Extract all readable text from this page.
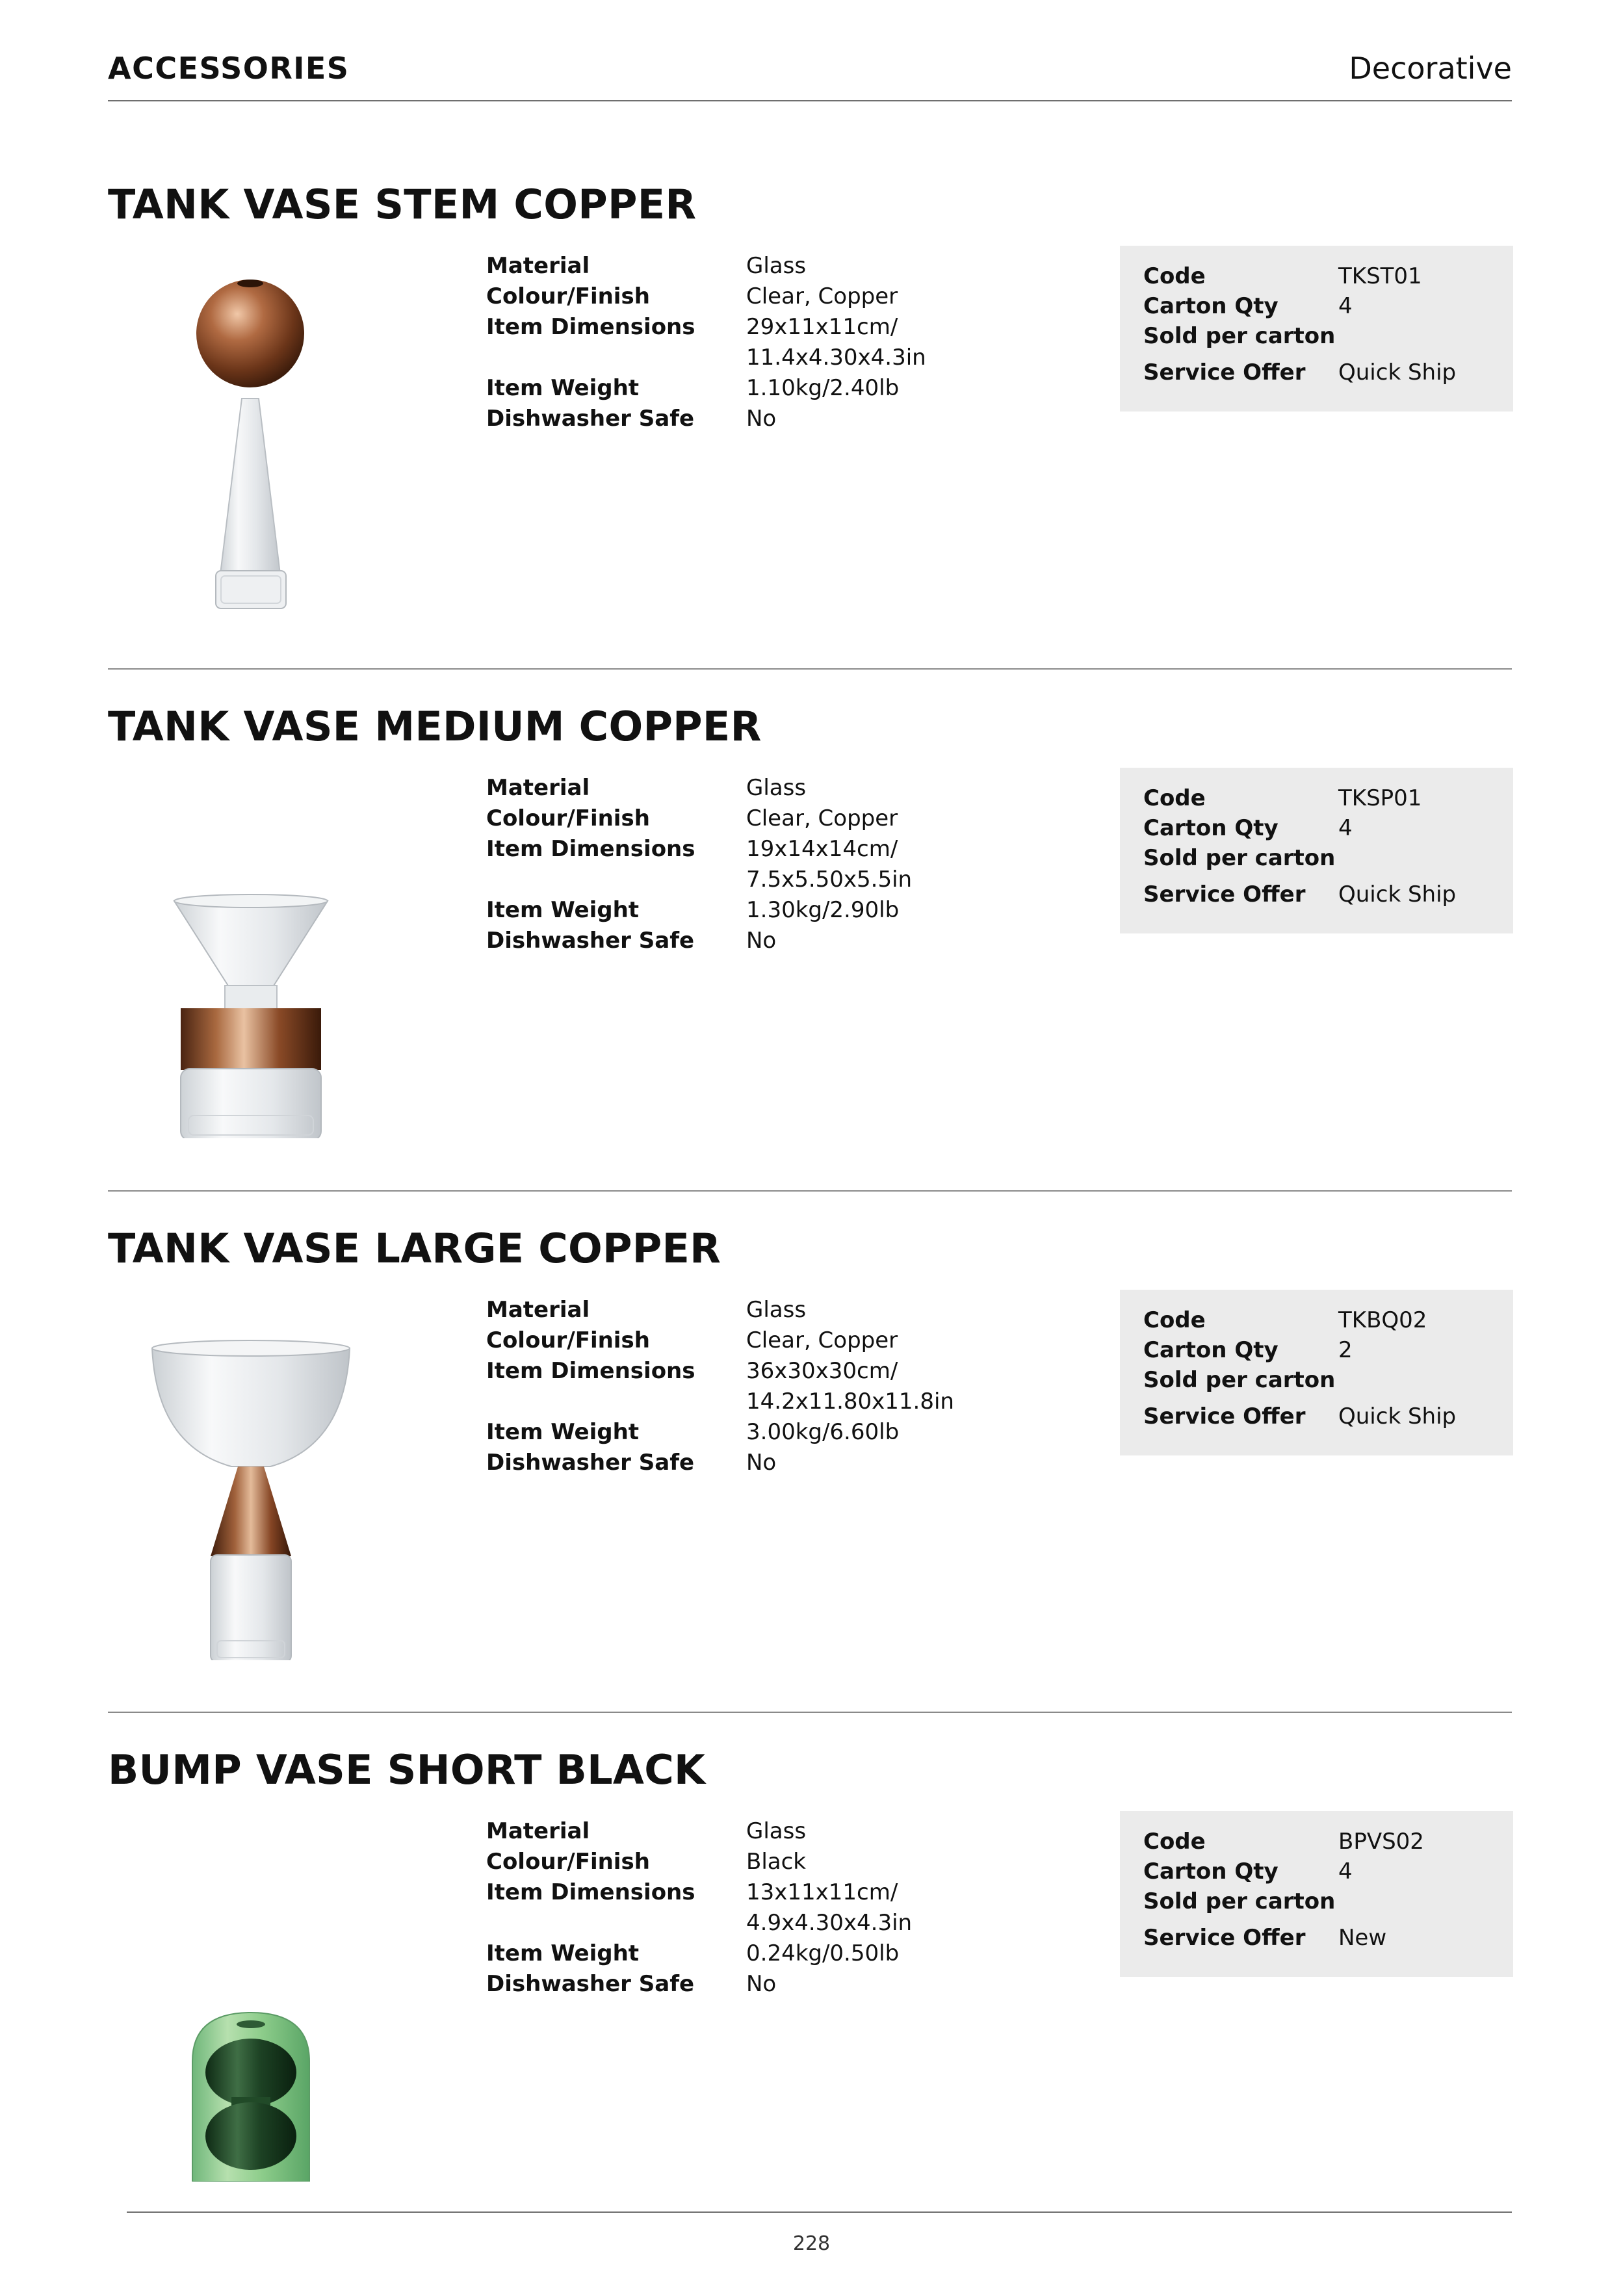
ACCESSORIES	Decorative
TANK VASE STEM COPPER
Material	Glass
Colour/Finish	Clear, Copper
Item Dimensions	29x11x11cm/
11.4x4.30x4.3in
Item Weight	1.10kg/2.40lb
Dishwasher Safe	No
Code	TKST01
Carton Qty	4
Sold per carton
Service Offer	Quick Ship
TANK VASE MEDIUM COPPER
Material	Glass
Colour/Finish	Clear, Copper
Item Dimensions	19x14x14cm/
7.5x5.50x5.5in
Item Weight	1.30kg/2.90lb
Dishwasher Safe	No
Code	TKSP01
Carton Qty	4
Sold per carton
Service Offer	Quick Ship
TANK VASE LARGE COPPER
Material	Glass
Colour/Finish	Clear, Copper
Item Dimensions	36x30x30cm/
14.2x11.80x11.8in
Item Weight	3.00kg/6.60lb
Dishwasher Safe	No
Code	TKBQ02
Carton Qty	2
Sold per carton
Service Offer	Quick Ship
BUMP VASE SHORT BLACK
Material	Glass
Colour/Finish	Black
Item Dimensions	13x11x11cm/
4.9x4.30x4.3in
Item Weight	0.24kg/0.50lb
Dishwasher Safe	No
Code	BPVS02
Carton Qty	4
Sold per carton
Service Offer	New
228
